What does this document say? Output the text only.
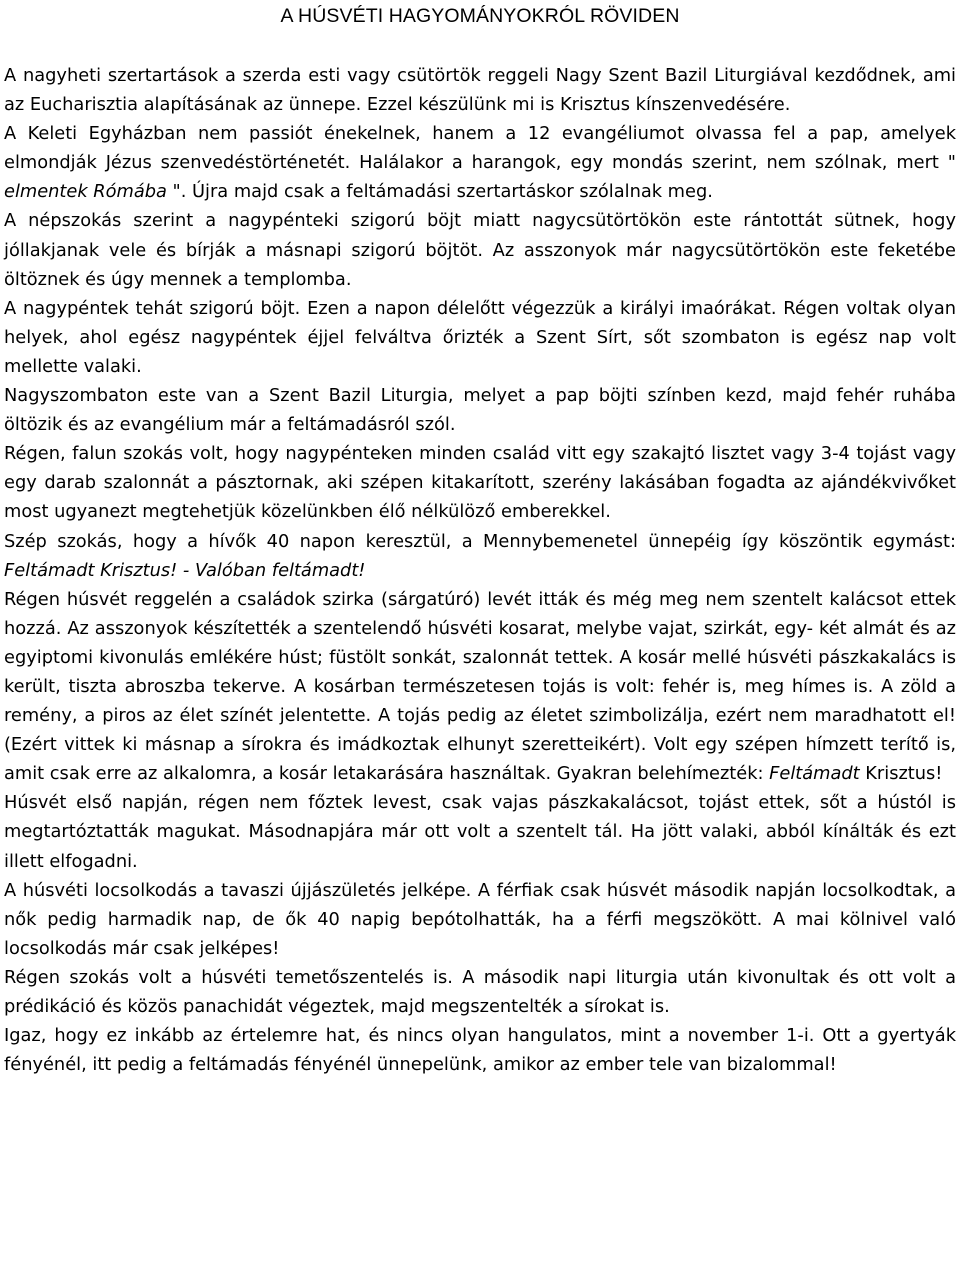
A HÚSVÉTI HAGYOMÁNYOKRÓL RÖVIDEN

A nagyheti szertartások a szerda esti vagy csütörtök reggeli Nagy Szent Bazil Liturgiával kezdődnek, ami az Eucharisztia alapításának az ünnepe. Ezzel készülünk mi is Krisztus kínszenvedésére.

A Keleti Egyházban nem passiót énekelnek, hanem a 12 evangéliumot olvassa fel a pap, amelyek elmondják Jézus szenvedéstörténetét. Halálakor a harangok, egy mondás szerint, nem szólnak, mert " elmentek Rómába ". Újra majd csak a feltámadási szertartáskor szólalnak meg.

A népszokás szerint a nagypénteki szigorú böjt miatt nagycsütörtökön este rántottát sütnek, hogy jóllakjanak vele és bírják a másnapi szigorú böjtöt. Az asszonyok már nagycsütörtökön este feketébe öltöznek és úgy mennek a templomba.

A nagypéntek tehát szigorú böjt. Ezen a napon délelőtt végezzük a királyi imaórákat. Régen voltak olyan helyek, ahol egész nagypéntek éjjel felváltva őrizték a Szent Sírt, sőt szombaton is egész nap volt mellette valaki.

Nagyszombaton este van a Szent Bazil Liturgia, melyet a pap böjti színben kezd, majd fehér ruhába öltözik és az evangélium már a feltámadásról szól.

Régen, falun szokás volt, hogy nagypénteken minden család vitt egy szakajtó lisztet vagy 3-4 tojást vagy egy darab szalonnát a pásztornak, aki szépen kitakarított, szerény lakásában fogadta az ajándékvivőket most ugyanezt megtehetjük közelünkben élő nélkülöző emberekkel.

Szép szokás, hogy a hívők 40 napon keresztül, a Mennybemenetel ünnepéig így köszöntik egymást: Feltámadt Krisztus! - Valóban feltámadt!

Régen húsvét reggelén a családok szirka (sárgatúró) levét itták és még meg nem szentelt kalácsot ettek hozzá. Az asszonyok készítették a szentelendő húsvéti kosarat, melybe vajat, szirkát, egy- két almát és az egyiptomi kivonulás emlékére húst; füstölt sonkát, szalonnát tettek. A kosár mellé húsvéti pászkakalács is került, tiszta abroszba tekerve. A kosárban természetesen tojás is volt: fehér is, meg hímes is. A zöld a remény, a piros az élet színét jelentette. A tojás pedig az életet szimbolizálja, ezért nem maradhatott el! (Ezért vittek ki másnap a sírokra és imádkoztak elhunyt szeretteikért). Volt egy szépen hímzett terítő is, amit csak erre az alkalomra, a kosár letakarására használtak. Gyakran belehímezték: Feltámadt Krisztus!

Húsvét első napján, régen nem főztek levest, csak vajas pászkakalácsot, tojást ettek, sőt a hústól is megtartóztatták magukat. Másodnapjára már ott volt a szentelt tál. Ha jött valaki, abból kínálták és ezt illett elfogadni.

A húsvéti locsolkodás a tavaszi újjászületés jelképe. A férfiak csak húsvét második napján locsolkodtak, a nők pedig harmadik nap, de ők 40 napig bepótolhatták, ha a férfi megszökött. A mai kölnivel való locsolkodás már csak jelképes!

Régen szokás volt a húsvéti temetőszentelés is. A második napi liturgia után kivonultak és ott volt a prédikáció és közös panachidát végeztek, majd megszentelték a sírokat is.

Igaz, hogy ez inkább az értelemre hat, és nincs olyan hangulatos, mint a november 1-i. Ott a gyertyák fényénél, itt pedig a feltámadás fényénél ünnepelünk, amikor az ember tele van bizalommal!
